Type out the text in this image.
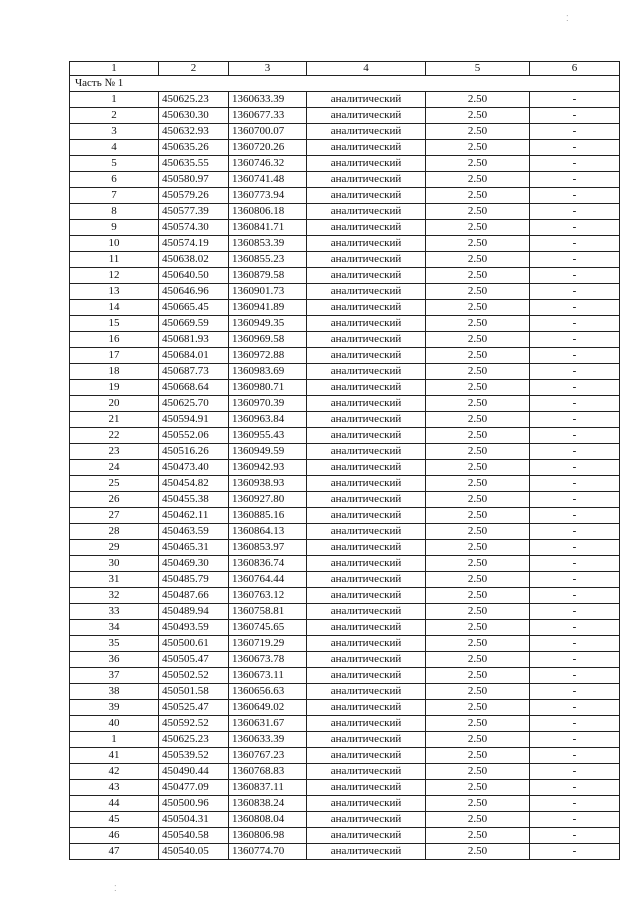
⁚
⁚
1	2	3	4	5	6
Часть № 1					
1	450625.23	1360633.39	аналитический	2.50	-
2	450630.30	1360677.33	аналитический	2.50	-
3	450632.93	1360700.07	аналитический	2.50	-
4	450635.26	1360720.26	аналитический	2.50	-
5	450635.55	1360746.32	аналитический	2.50	-
6	450580.97	1360741.48	аналитический	2.50	-
7	450579.26	1360773.94	аналитический	2.50	-
8	450577.39	1360806.18	аналитический	2.50	-
9	450574.30	1360841.71	аналитический	2.50	-
10	450574.19	1360853.39	аналитический	2.50	-
11	450638.02	1360855.23	аналитический	2.50	-
12	450640.50	1360879.58	аналитический	2.50	-
13	450646.96	1360901.73	аналитический	2.50	-
14	450665.45	1360941.89	аналитический	2.50	-
15	450669.59	1360949.35	аналитический	2.50	-
16	450681.93	1360969.58	аналитический	2.50	-
17	450684.01	1360972.88	аналитический	2.50	-
18	450687.73	1360983.69	аналитический	2.50	-
19	450668.64	1360980.71	аналитический	2.50	-
20	450625.70	1360970.39	аналитический	2.50	-
21	450594.91	1360963.84	аналитический	2.50	-
22	450552.06	1360955.43	аналитический	2.50	-
23	450516.26	1360949.59	аналитический	2.50	-
24	450473.40	1360942.93	аналитический	2.50	-
25	450454.82	1360938.93	аналитический	2.50	-
26	450455.38	1360927.80	аналитический	2.50	-
27	450462.11	1360885.16	аналитический	2.50	-
28	450463.59	1360864.13	аналитический	2.50	-
29	450465.31	1360853.97	аналитический	2.50	-
30	450469.30	1360836.74	аналитический	2.50	-
31	450485.79	1360764.44	аналитический	2.50	-
32	450487.66	1360763.12	аналитический	2.50	-
33	450489.94	1360758.81	аналитический	2.50	-
34	450493.59	1360745.65	аналитический	2.50	-
35	450500.61	1360719.29	аналитический	2.50	-
36	450505.47	1360673.78	аналитический	2.50	-
37	450502.52	1360673.11	аналитический	2.50	-
38	450501.58	1360656.63	аналитический	2.50	-
39	450525.47	1360649.02	аналитический	2.50	-
40	450592.52	1360631.67	аналитический	2.50	-
1	450625.23	1360633.39	аналитический	2.50	-
41	450539.52	1360767.23	аналитический	2.50	-
42	450490.44	1360768.83	аналитический	2.50	-
43	450477.09	1360837.11	аналитический	2.50	-
44	450500.96	1360838.24	аналитический	2.50	-
45	450504.31	1360808.04	аналитический	2.50	-
46	450540.58	1360806.98	аналитический	2.50	-
47	450540.05	1360774.70	аналитический	2.50	-
